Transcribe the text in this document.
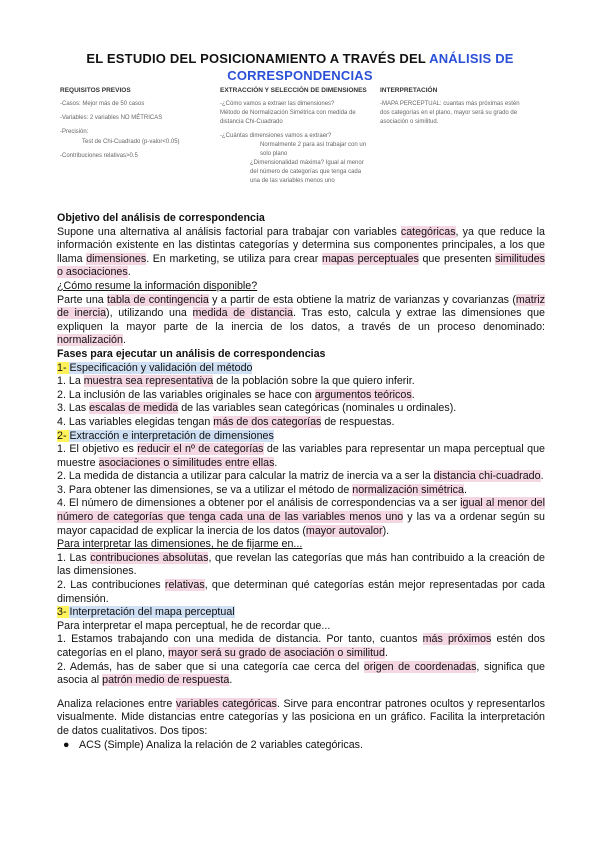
EL ESTUDIO DEL POSICIONAMIENTO A TRAVÉS DEL ANÁLISIS DE
CORRESPONDENCIAS
REQUISITOS PREVIOS

-Casos: Mejor más de 50 casos

-Variables: 2 variables NO MÉTRICAS

-Precisión:

Test de Chi-Cuadrado (p-valor<0.05)

-Contribuciones relativas>0.5

EXTRACCIÓN Y SELECCIÓN DE DIMENSIONES

-¿Cómo vamos a extraer las dimensiones?

Método de Normalización Simétrica con medida de distancia Chi-Cuadrado

-¿Cuántas dimensiones vamos a extraer?

Normalmente 2 para así trabajar con un solo plano

¿Dimensionalidad máxima? Igual al menor del número de categorías que tenga cada una de las variables menos uno

INTERPRETACIÓN

-MAPA PERCEPTUAL: cuantas más próximas estén dos categorías en el plano, mayor será su grado de asociación o similitud.

Objetivo del análisis de correspondencia

Supone una alternativa al análisis factorial para trabajar con variables categóricas, ya que reduce la información existente en las distintas categorías y determina sus componentes principales, a los que llama dimensiones. En marketing, se utiliza para crear mapas perceptuales que presenten similitudes o asociaciones.

¿Cómo resume la información disponible?

Parte una tabla de contingencia y a partir de esta obtiene la matriz de varianzas y covarianzas (matriz de inercia), utilizando una medida de distancia. Tras esto, calcula y extrae las dimensiones que expliquen la mayor parte de la inercia de los datos, a través de un proceso denominado: normalización.

Fases para ejecutar un análisis de correspondencias

1- Especificación y validación del método

1. La muestra sea representativa de la población sobre la que quiero inferir.

2. La inclusión de las variables originales se hace con argumentos teóricos.

3. Las escalas de medida de las variables sean categóricas (nominales u ordinales).

4. Las variables elegidas tengan más de dos categorías de respuestas.

2- Extracción e interpretación de dimensiones

1. El objetivo es reducir el nº de categorías de las variables para representar un mapa perceptual que muestre asociaciones o similitudes entre ellas.

2. La medida de distancia a utilizar para calcular la matriz de inercia va a ser la distancia chi-cuadrado.

3. Para obtener las dimensiones, se va a utilizar el método de normalización simétrica.

4. El número de dimensiones a obtener por el análisis de correspondencias va a ser igual al menor del número de categorías que tenga cada una de las variables menos uno y las va a ordenar según su mayor capacidad de explicar la inercia de los datos (mayor autovalor).

Para interpretar las dimensiones, he de fijarme en...

1. Las contribuciones absolutas, que revelan las categorías que más han contribuido a la creación de las dimensiones.

2. Las contribuciones relativas, que determinan qué categorías están mejor representadas por cada dimensión.

3- Interpretación del mapa perceptual

Para interpretar el mapa perceptual, he de recordar que...

1. Estamos trabajando con una medida de distancia. Por tanto, cuantos más próximos estén dos categorías en el plano, mayor será su grado de asociación o similitud.

2. Además, has de saber que si una categoría cae cerca del origen de coordenadas, significa que asocia al patrón medio de respuesta.

Analiza relaciones entre variables categóricas. Sirve para encontrar patrones ocultos y representarlos visualmente. Mide distancias entre categorías y las posiciona en un gráfico. Facilita la interpretación de datos cualitativos. Dos tipos:

● ACS (Simple) Analiza la relación de 2 variables categóricas.
